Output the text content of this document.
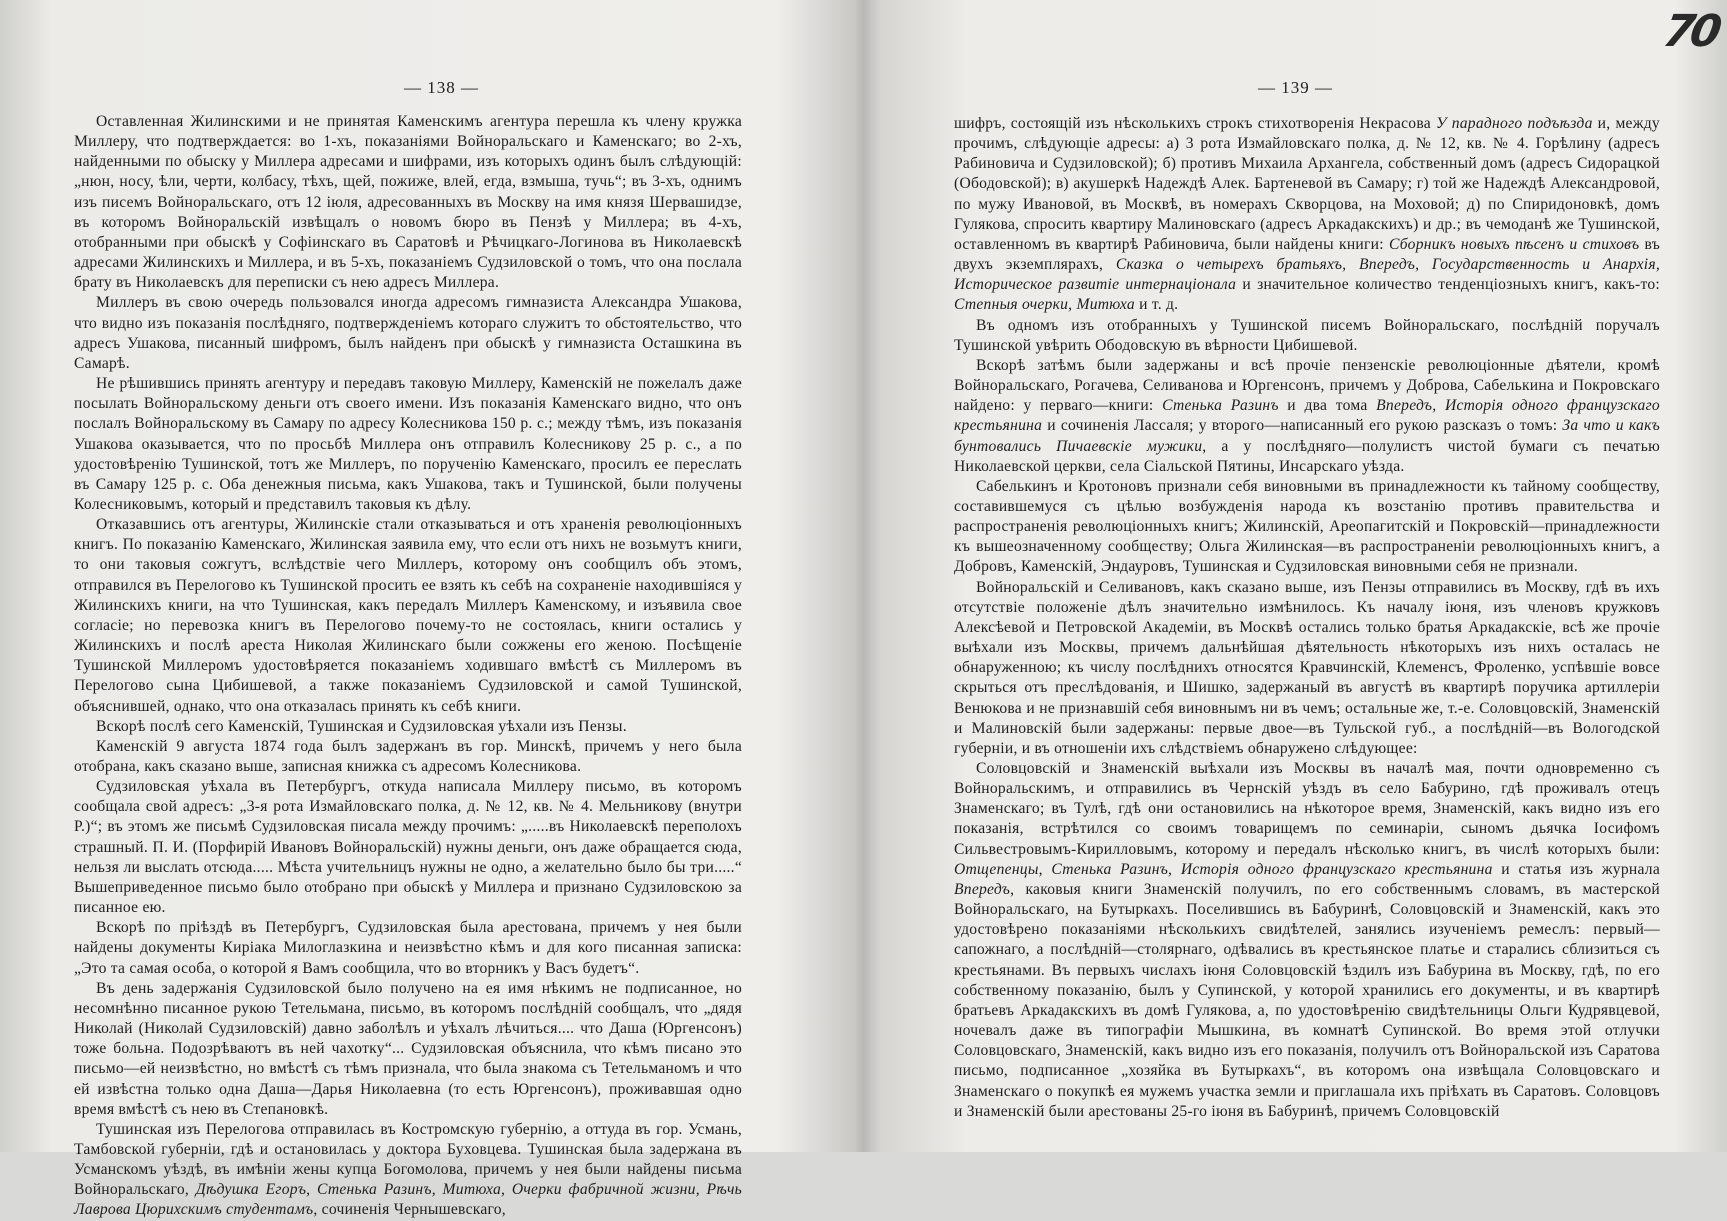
— 138 —

Оставленная Жилинскими и не принятая Каменскимъ агентура перешла къ члену кружка Миллеру, что подтверждается: во 1-хъ, показаніями Войноральскаго и Каменскаго; во 2-хъ, найденными по обыску у Миллера адресами и шифрами, изъ которыхъ одинъ былъ слѣдующій: „нюн, носу, ѣли, черти, колбасу, тѣхъ, щей, пожиже, влей, егда, взмыша, тучь“; въ 3-хъ, однимъ изъ писемъ Войноральскаго, отъ 12 іюля, адресованныхъ въ Москву на имя князя Шервашидзе, въ которомъ Войноральскій извѣщалъ о новомъ бюро въ Пензѣ у Миллера; въ 4-хъ, отобранными при обыскѣ у Софiинскаго въ Саратовѣ и Рѣчицкаго-Логинова въ Николаевскѣ адресами Жилинскихъ и Миллера, и въ 5-хъ, показаніемъ Судзиловской о томъ, что она послала брату въ Николаевскъ для переписки съ нею адресъ Миллера.

Миллеръ въ свою очередь пользовался иногда адресомъ гимназиста Александра Ушакова, что видно изъ показанія послѣдняго, подтвержденіемъ котораго служитъ то обстоятельство, что адресъ Ушакова, писанный шифромъ, былъ найденъ при обыскѣ у гимназиста Осташкина въ Самарѣ.

Не рѣшившись принять агентуру и передавъ таковую Миллеру, Каменскій не пожелалъ даже посылать Войноральскому деньги отъ своего имени. Изъ показанія Каменскаго видно, что онъ послалъ Войноральскому въ Самару по адресу Колесникова 150 р. с.; между тѣмъ, изъ показанія Ушакова оказывается, что по просьбѣ Миллера онъ отправилъ Колесникову 25 р. с., а по удостовѣренію Тушинской, тотъ же Миллеръ, по порученію Каменскаго, просилъ ее переслать въ Самару 125 р. с. Оба денежныя письма, какъ Ушакова, такъ и Тушинской, были получены Колесниковымъ, который и представилъ таковыя къ дѣлу.

Отказавшись отъ агентуры, Жилинскіе стали отказываться и отъ храненія революціонныхъ книгъ. По показанію Каменскаго, Жилинская заявила ему, что если отъ нихъ не возьмутъ книги, то они таковыя сожгутъ, вслѣдствіе чего Миллеръ, которому онъ сообщилъ объ этомъ, отправился въ Перелогово къ Тушинской просить ее взять къ себѣ на сохраненіе находившіяся у Жилинскихъ книги, на что Тушинская, какъ передалъ Миллеръ Каменскому, и изъявила свое согласіе; но перевозка книгъ въ Перелогово почему-то не состоялась, книги остались у Жилинскихъ и послѣ ареста Николая Жилинскаго были сожжены его женою. Посѣщеніе Тушинской Миллеромъ удостовѣряется показаніемъ ходившаго вмѣстѣ съ Миллеромъ въ Перелогово сына Цибишевой, а также показаніемъ Судзиловской и самой Тушинской, объяснившей, однако, что она отказалась принять къ себѣ книги.

Вскорѣ послѣ сего Каменскій, Тушинская и Судзиловская уѣхали изъ Пензы.

Каменскій 9 августа 1874 года былъ задержанъ въ гор. Минскѣ, причемъ у него была отобрана, какъ сказано выше, записная книжка съ адресомъ Колесникова.

Судзиловская уѣхала въ Петербургъ, откуда написала Миллеру письмо, въ которомъ сообщала свой адресъ: „3-я рота Измайловскаго полка, д. № 12, кв. № 4. Мельникову (внутри Р.)“; въ этомъ же письмѣ Судзиловская писала между прочимъ: „.....въ Николаевскѣ переполохъ страшный. П. И. (Порфирій Ивановъ Войноральскій) нужны деньги, онъ даже обращается сюда, нельзя ли выслать отсюда..... Мѣста учительницъ нужны не одно, а желательно было бы три.....“ Вышеприведенное письмо было отобрано при обыскѣ у Миллера и признано Судзиловскою за писанное ею.

Вскорѣ по пріѣздѣ въ Петербургъ, Судзиловская была арестована, причемъ у нея были найдены документы Киріака Милоглазкина и неизвѣстно кѣмъ и для кого писанная записка: „Это та самая особа, о которой я Вамъ сообщила, что во вторникъ у Васъ будетъ“.

Въ день задержанія Судзиловской было получено на ея имя нѣкимъ не подписанное, но несомнѣнно писанное рукою Тетельмана, письмо, въ которомъ послѣдній сообщалъ, что „дядя Николай (Николай Судзиловскій) давно заболѣлъ и уѣхалъ лѣчиться.... что Даша (Юргенсонъ) тоже больна. Подозрѣваютъ въ ней чахотку“... Судзиловская объяснила, что кѣмъ писано это письмо—ей неизвѣстно, но вмѣстѣ съ тѣмъ признала, что была знакома съ Тетельманомъ и что ей извѣстна только одна Даша—Дарья Николаевна (то есть Юргенсонъ), проживавшая одно время вмѣстѣ съ нею въ Степановкѣ.

Тушинская изъ Перелогова отправилась въ Костромскую губернію, а оттуда въ гор. Усмань, Тамбовской губерніи, гдѣ и остановилась у доктора Буховцева. Тушинская была задержана въ Усманскомъ уѣздѣ, въ имѣніи жены купца Богомолова, причемъ у нея были найдены письма Войноральскаго, Дѣдушка Егоръ, Стенька Разинъ, Митюха, Очерки фабричной жизни, Рѣчь Лаврова Цюрихскимъ студентамъ, сочиненія Чернышевскаго,

70
— 139 —

шифръ, состоящій изъ нѣсколькихъ строкъ стихотворенія Некрасова У парадного подъѣзда и, между прочимъ, слѣдующіе адресы: а) 3 рота Измайловскаго полка, д. № 12, кв. № 4. Горѣлину (адресъ Рабиновича и Судзиловской); б) противъ Михаила Архангела, собственный домъ (адресъ Сидорацкой (Ободовской); в) акушеркѣ Надеждѣ Алек. Бартеневой въ Самару; г) той же Надеждѣ Александровой, по мужу Ивановой, въ Москвѣ, въ номерахъ Скворцова, на Моховой; д) по Спиридоновкѣ, домъ Гулякова, спросить квартиру Малиновскаго (адресъ Аркадакскихъ) и др.; въ чемоданѣ же Тушинской, оставленномъ въ квартирѣ Рабиновича, были найдены книги: Сборникъ новыхъ пѣсенъ и стиховъ въ двухъ экземплярахъ, Сказка о четырехъ братьяхъ, Впередъ, Государственность и Анархія, Историческое развитіе интернаціонала и значительное количество тенденціозныхъ книгъ, какъ-то: Степныя очерки, Митюха и т. д.

Въ одномъ изъ отобранныхъ у Тушинской писемъ Войноральскаго, послѣдній поручалъ Тушинской увѣрить Ободовскую въ вѣрности Цибишевой.

Вскорѣ затѣмъ были задержаны и всѣ прочіе пензенскіе революціонные дѣятели, кромѣ Войноральскаго, Рогачева, Селиванова и Юргенсонъ, причемъ у Доброва, Сабелькина и Покровскаго найдено: у перваго—книги: Стенька Разинъ и два тома Впередъ, Исторія одного французскаго крестьянина и сочиненія Лассаля; у второго—написанный его рукою разсказъ о томъ: За что и какъ бунтовались Пичаевскіе мужики, а у послѣдняго—полулистъ чистой бумаги съ печатью Николаевской церкви, села Сіальской Пятины, Инсарскаго уѣзда.

Сабелькинъ и Кротоновъ признали себя виновными въ принадлежности къ тайному сообществу, составившемуся съ цѣлью возбужденія народа къ возстанію противъ правительства и распространенія революціонныхъ книгъ; Жилинскій, Ареопагитскій и Покровскій—принадлежности къ вышеозначенному сообществу; Ольга Жилинская—въ распространеніи революціонныхъ книгъ, а Добровъ, Каменскій, Эндауровъ, Тушинская и Судзиловская виновными себя не признали.

Войноральскій и Селивановъ, какъ сказано выше, изъ Пензы отправились въ Москву, гдѣ въ ихъ отсутствіе положеніе дѣлъ значительно измѣнилось. Къ началу іюня, изъ членовъ кружковъ Алексѣевой и Петровской Академіи, въ Москвѣ остались только братья Аркадакскіе, всѣ же прочіе выѣхали изъ Москвы, причемъ дальнѣйшая дѣятельность нѣкоторыхъ изъ нихъ осталась не обнаруженною; къ числу послѣднихъ относятся Кравчинскій, Клеменсъ, Фроленко, успѣвшіе вовсе скрыться отъ преслѣдованія, и Шишко, задержаный въ августѣ въ квартирѣ поручика артиллеріи Венюкова и не признавшій себя виновнымъ ни въ чемъ; остальные же, т.-е. Соловцовскій, Знаменскій и Малиновскій были задержаны: первые двое—въ Тульской губ., а послѣдній—въ Вологодской губерніи, и въ отношеніи ихъ слѣдствіемъ обнаружено слѣдующее:

Соловцовскій и Знаменскій выѣхали изъ Москвы въ началѣ мая, почти одновременно съ Войноральскимъ, и отправились въ Чернскій уѣздъ въ село Бабурино, гдѣ проживалъ отецъ Знаменскаго; въ Тулѣ, гдѣ они остановились на нѣкоторое время, Знаменскій, какъ видно изъ его показанія, встрѣтился со своимъ товарищемъ по семинаріи, сыномъ дьячка Іосифомъ Сильвестровымъ-Кирилловымъ, которому и передалъ нѣсколько книгъ, въ числѣ которыхъ были: Отщепенцы, Стенька Разинъ, Исторія одного французскаго крестьянина и статья изъ журнала Впередъ, каковыя книги Знаменскій получилъ, по его собственнымъ словамъ, въ мастерской Войноральскаго, на Бутыркахъ. Поселившись въ Бабуринѣ, Соловцовскій и Знаменскій, какъ это удостовѣрено показаніями нѣсколькихъ свидѣтелей, занялись изученіемъ ремеслъ: первый—сапожнаго, а послѣдній—столярнаго, одѣвались въ крестьянское платье и старались сблизиться съ крестьянами. Въ первыхъ числахъ іюня Соловцовскій ѣздилъ изъ Бабурина въ Москву, гдѣ, по его собственному показанію, былъ у Супинской, у которой хранились его документы, и въ квартирѣ братьевъ Аркадакскихъ въ домѣ Гулякова, а, по удостовѣренію свидѣтельницы Ольги Кудрявцевой, ночевалъ даже въ типографіи Мышкина, въ комнатѣ Супинской. Во время этой отлучки Соловцовскаго, Знаменскій, какъ видно изъ его показанія, получилъ отъ Войноральской изъ Саратова письмо, подписанное „хозяйка въ Бутыркахъ“, въ которомъ она извѣщала Соловцовскаго и Знаменскаго о покупкѣ ея мужемъ участка земли и приглашала ихъ пріѣхать въ Саратовъ. Соловцовъ и Знаменскій были арестованы 25-го іюня въ Бабуринѣ, причемъ Соловцовскій
